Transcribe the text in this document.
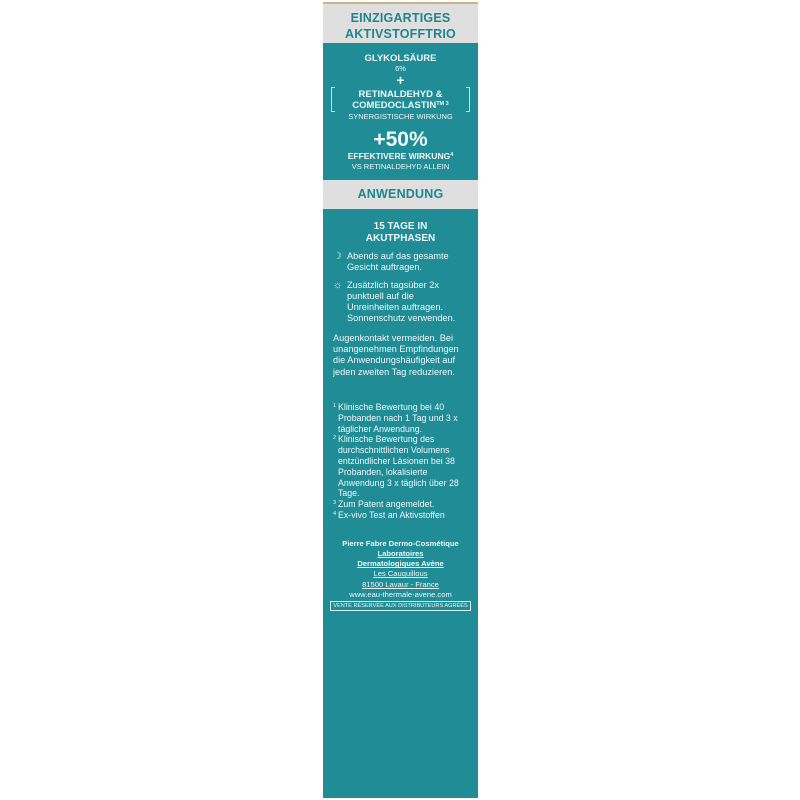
EINZIGARTIGES
AKTIVSTOFFTRIO
GLYKOLSÄURE
6%
+
RETINALDEHYD &
$COMEDOCLASTIN^{TM 3}$
SYNERGISTISCHE WIRKUNG
+50%
EFFEKTIVERE WIRKUNG$^4$
VS RETINALDEHYD ALLEIN
ANWENDUNG
15 TAGE IN
AKUTPHASEN
☽ Abends auf das gesamte Gesicht auftragen.
☼ Zusätzlich tagsüber 2x punktuell auf die Unreinheiten auftragen. Sonnenschutz verwenden.
Augenkontakt vermeiden. Bei unangenehmen Empfindungen die Anwendungshäufigkeit auf jeden zweiten Tag reduzieren.
1 Klinische Bewertung bei 40 Probanden nach 1 Tag und 3 x täglicher Anwendung.
2 Klinische Bewertung des durchschnittlichen Volumens entzündlicher Läsionen bei 38 Probanden, lokalisierte Anwendung 3 x täglich über 28 Tage.
3 Zum Patent angemeldet.
4 Ex-vivo Test an Aktivstoffen
Pierre Fabre Dermo-Cosmétique
Laboratoires
Dermatologiques Avène
Les Cauquillous
81500 Lavaur - France
www.eau-thermale-avene.com
VENTE RÉSERVÉE AUX DISTRIBUTEURS AGRÉÉS
